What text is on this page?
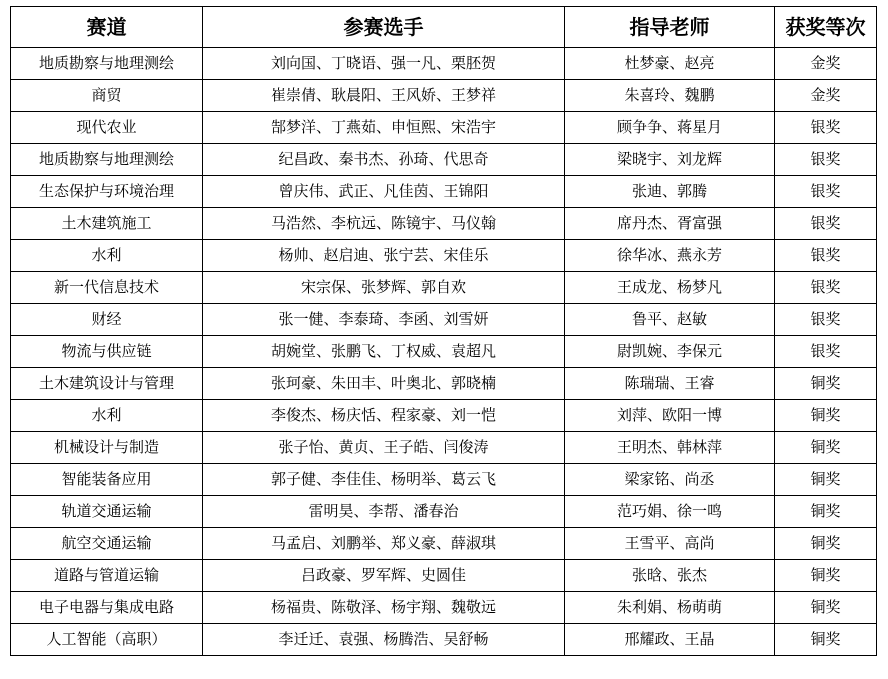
赛道	参赛选手	指导老师	获奖等次
地质勘察与地理测绘	刘向国、丁晓语、强一凡、栗胚贺	杜梦豪、赵亮	金奖
商贸	崔崇倩、耿晨阳、王风娇、王梦祥	朱喜玲、魏鹏	金奖
现代农业	郜梦洋、丁燕茹、申恒熙、宋浩宇	顾争争、蒋星月	银奖
地质勘察与地理测绘	纪昌政、秦书杰、孙琦、代思奇	梁晓宇、刘龙辉	银奖
生态保护与环境治理	曾庆伟、武正、凡佳茵、王锦阳	张迪、郭腾	银奖
土木建筑施工	马浩然、李杭远、陈镜宇、马仪翰	席丹杰、胥富强	银奖
水利	杨帅、赵启迪、张宁芸、宋佳乐	徐华冰、燕永芳	银奖
新一代信息技术	宋宗保、张梦辉、郭自欢	王成龙、杨梦凡	银奖
财经	张一健、李泰琦、李函、刘雪妍	鲁平、赵敏	银奖
物流与供应链	胡婉堂、张鹏飞、丁权威、袁超凡	尉凯婉、李保元	银奖
土木建筑设计与管理	张珂豪、朱田丰、叶奥北、郭晓楠	陈瑞瑞、王睿	铜奖
水利	李俊杰、杨庆恬、程家豪、刘一恺	刘萍、欧阳一博	铜奖
机械设计与制造	张子怡、黄贞、王子皓、闫俊涛	王明杰、韩林萍	铜奖
智能装备应用	郭子健、李佳佳、杨明举、葛云飞	梁家铭、尚丞	铜奖
轨道交通运输	雷明昊、李帮、潘春治	范巧娟、徐一鸣	铜奖
航空交通运输	马孟启、刘鹏举、郑义豪、薛淑琪	王雪平、高尚	铜奖
道路与管道运输	吕政豪、罗军辉、史圆佳	张晗、张杰	铜奖
电子电器与集成电路	杨福贵、陈敬泽、杨宇翔、魏敬远	朱利娟、杨萌萌	铜奖
人工智能（高职）	李迁迁、袁强、杨腾浩、吴舒畅	邢耀政、王晶	铜奖
